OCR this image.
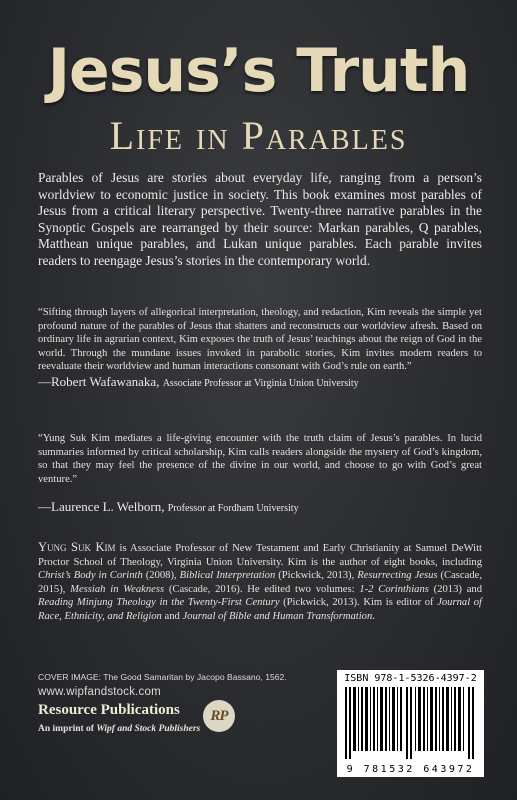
Jesus’s Truth
Life in Parables

Parables of Jesus are stories about everyday life, ranging from a person’s worldview to economic justice in society. This book examines most parables of Jesus from a critical literary perspective. Twenty-three narrative parables in the Synoptic Gospels are rearranged by their source: Markan parables, Q parables, Matthean unique parables, and Lukan unique parables. Each parable invites readers to reengage Jesus’s stories in the contemporary world.

“Sifting through layers of allegorical interpretation, theology, and redaction, Kim reveals the simple yet profound nature of the parables of Jesus that shatters and reconstructs our worldview afresh. Based on ordinary life in agrarian context, Kim exposes the truth of Jesus’ teachings about the reign of God in the world. Through the mundane issues invoked in parabolic stories, Kim invites modern readers to reevaluate their worldview and human interactions consonant with God’s rule on earth.”

—Robert Wafawanaka, Associate Professor at Virginia Union University

“Yung Suk Kim mediates a life-giving encounter with the truth claim of Jesus’s parables. In lucid summaries informed by critical scholarship, Kim calls readers alongside the mystery of God’s kingdom, so that they may feel the presence of the divine in our world, and choose to go with God’s great venture.”

—Laurence L. Welborn, Professor at Fordham University

Yung Suk Kim is Associate Professor of New Testament and Early Christianity at Samuel DeWitt Proctor School of Theology, Virginia Union University. Kim is the author of eight books, including Christ’s Body in Corinth (2008), Biblical Interpretation (Pickwick, 2013), Resurrecting Jesus (Cascade, 2015), Messiah in Weakness (Cascade, 2016). He edited two volumes: 1-2 Corinthians (2013) and Reading Minjung Theology in the Twenty-First Century (Pickwick, 2013). Kim is editor of Journal of Race, Ethnicity, and Religion and Journal of Bible and Human Transformation.

COVER IMAGE: The Good Samaritan by Jacopo Bassano, 1562.
www.wipfandstock.com
Resource Publications
An imprint of Wipf and Stock Publishers
RP
ISBN 978-1-5326-4397-2
9 781532 643972
